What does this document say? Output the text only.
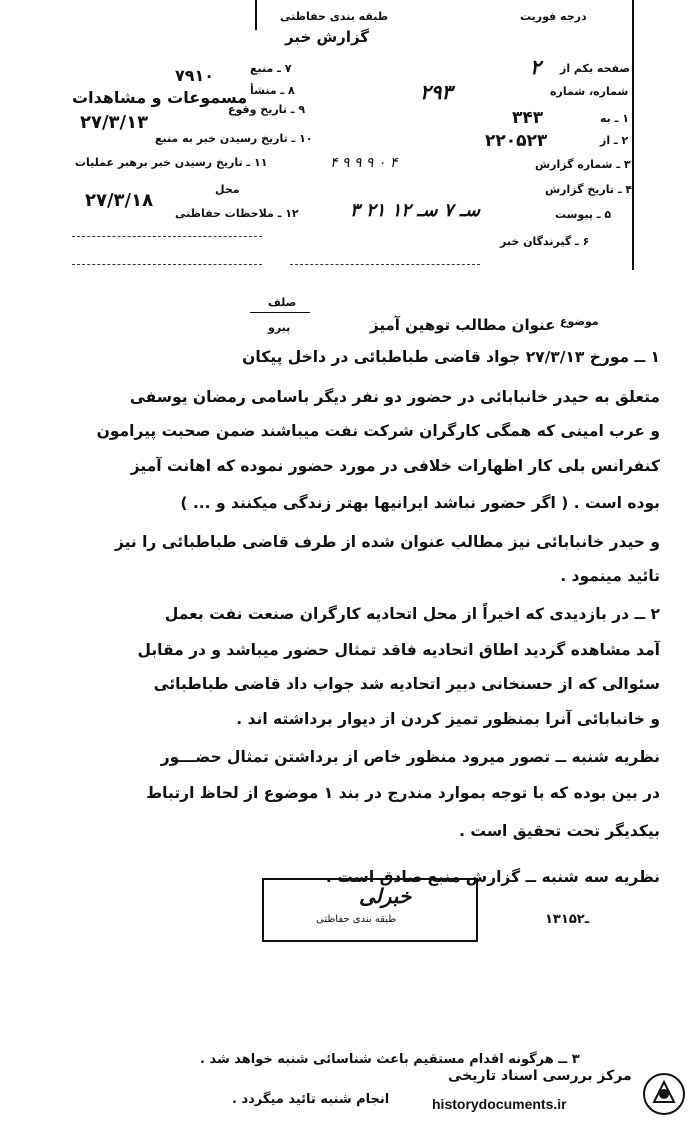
طبقه بندی حفاظتی
گزارش خبر
درجه فوریت
۷ ـ منبع
۷۹۱۰
۸ ـ منشأ
مسموعات و مشاهدات
۹ ـ تاریخ وقوع
۲۷/۳/۱۳
۱۰ ـ تاریخ رسیدن خبر به منبع
۱۱ ـ تاریخ رسیدن خبر برهبر عملیات
محل
۲۷/۳/۱۸
۱۲ ـ ملاحظات حفاظتی
صفحه یکم از
۲
شماره، شماره
۲۹۳
۱ ـ به
۳۴۳
۲ ـ از
۲۲۰۵۲۳
۳ ـ شماره گزارش
۴ ـ تاریخ گزارش
۵ ـ پیوست
۶ ـ گیرندگان خبر
۳ سـ ۷ سـ ۱۲ ۲۱
۴ ۹ ۹ ۹ ۰ ۴
صلف
پیرو	موضوع
عنوان مطالب توهین آمیز
۱ ــ مورخ ۲۷/۳/۱۳ جواد قاضی طباطبائی در داخل پیکان
متعلق به حیدر خانبابائی در حضور دو نفر دیگر باسامی رمضان یوسفی
و عرب امینی که همگی کارگران شرکت نفت میباشند ضمن صحبت پیرامون
کنفرانس بلی کار اظهارات خلافی در مورد حضور نموده که اهانت آمیز
بوده است . ( اگر حضور نباشد ایرانیها بهتر زندگی میکنند و ... )
و حیدر خانبابائی نیز مطالب عنوان شده از طرف قاضی طباطبائی را نیز
تائید مینمود .
۲ ــ در بازدیدی که اخیراً از محل اتحادیه کارگران صنعت نفت بعمل
آمد مشاهده گردید اطاق اتحادیه فاقد تمثال حضور میباشد و در مقابل
سئوالی که از حسنخانی دبیر اتحادیه شد جواب داد قاضی طباطبائی
و خانبابائی آنرا بمنظور تمیز کردن از دیوار برداشته اند .
نظریه شنبه ــ تصور میرود منظور خاص از برداشتن تمثال حضـــور
در بین بوده که با توجه بموارد مندرج در بند ۱ موضوع از لحاظ ارتباط
بیکدیگر تحت تحقیق است .
نظریه سه شنبه ــ گزارش منبع صادق است .
خبرلی
طبقه بندی حفاظتی	۱۳۱ـ۵۲
۳ ــ هرگونه اقدام مستقیم باعث شناسائی شنبه خواهد شد .
انجام شنبه تائید میگردد .
مرکز بررسی اسناد تاریخی
historydocuments.ir
